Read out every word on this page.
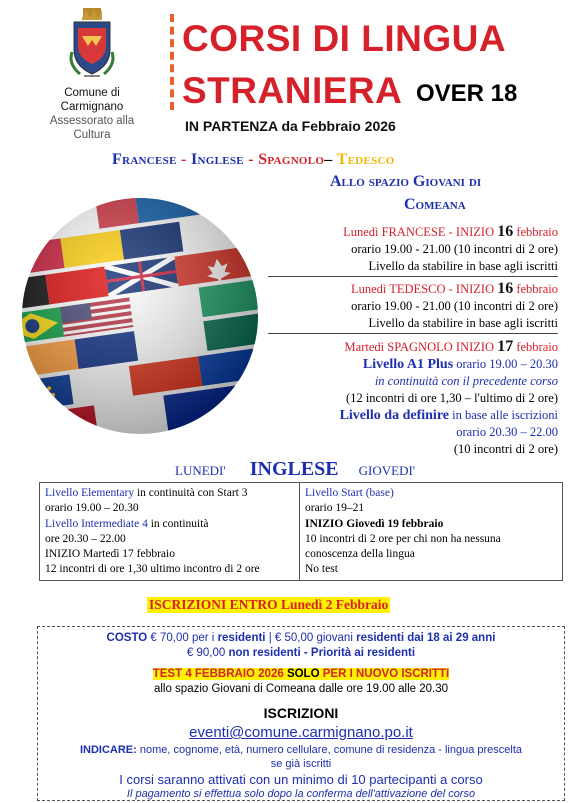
Comune di Carmignano
Assessorato alla Cultura
CORSI DI LINGUA
STRANIERA OVER 18
IN PARTENZA da Febbraio 2026
Francese - Inglese - Spagnolo– Tedesco
Allo spazio Giovani di
Comeana
Lunedì FRANCESE - INIZIO 16 febbraio
orario 19.00 - 21.00 (10 incontri di 2 ore)
Livello da stabilire in base agli iscritti
Lunedì TEDESCO - INIZIO 16 febbraio
orario 19.00 - 21.00 (10 incontri di 2 ore)
Livello da stabilire in base agli iscritti
Martedì SPAGNOLO INIZIO 17 febbraio
Livello A1 Plus orario 19.00 – 20.30
in continuità con il precedente corso
(12 incontri di ore 1,30 – l'ultimo di 2 ore)
Livello da definire in base alle iscrizioni
orario 20.30 – 22.00
(10 incontri di 2 ore)
LUNEDI' INGLESE GIOVEDI'
Livello Elementary in continuità con Start 3
orario 19.00 – 20.30
Livello Intermediate 4 in continuità
ore 20.30 – 22.00
INIZIO Martedì 17 febbraio
12 incontri di ore 1,30 ultimo incontro di 2 ore
Livello Start (base)
orario 19–21
INIZIO Giovedì 19 febbraio
10 incontri di 2 ore per chi non ha nessuna
conoscenza della lingua
No test
ISCRIZIONI ENTRO Lunedì 2 Febbraio
COSTO € 70,00 per i residenti | € 50,00 giovani residenti dai 18 ai 29 anni
€ 90,00 non residenti - Priorità ai residenti
TEST 4 FEBBRAIO 2026 SOLO PER I NUOVO ISCRITTI
allo spazio Giovani di Comeana dalle ore 19.00 alle 20.30
ISCRIZIONI
eventi@comune.carmignano.po.it
INDICARE: nome, cognome, età, numero cellulare, comune di residenza - lingua prescelta
se già iscritti
I corsi saranno attivati con un minimo di 10 partecipanti a corso
Il pagamento si effettua solo dopo la conferma dell'attivazione del corso
